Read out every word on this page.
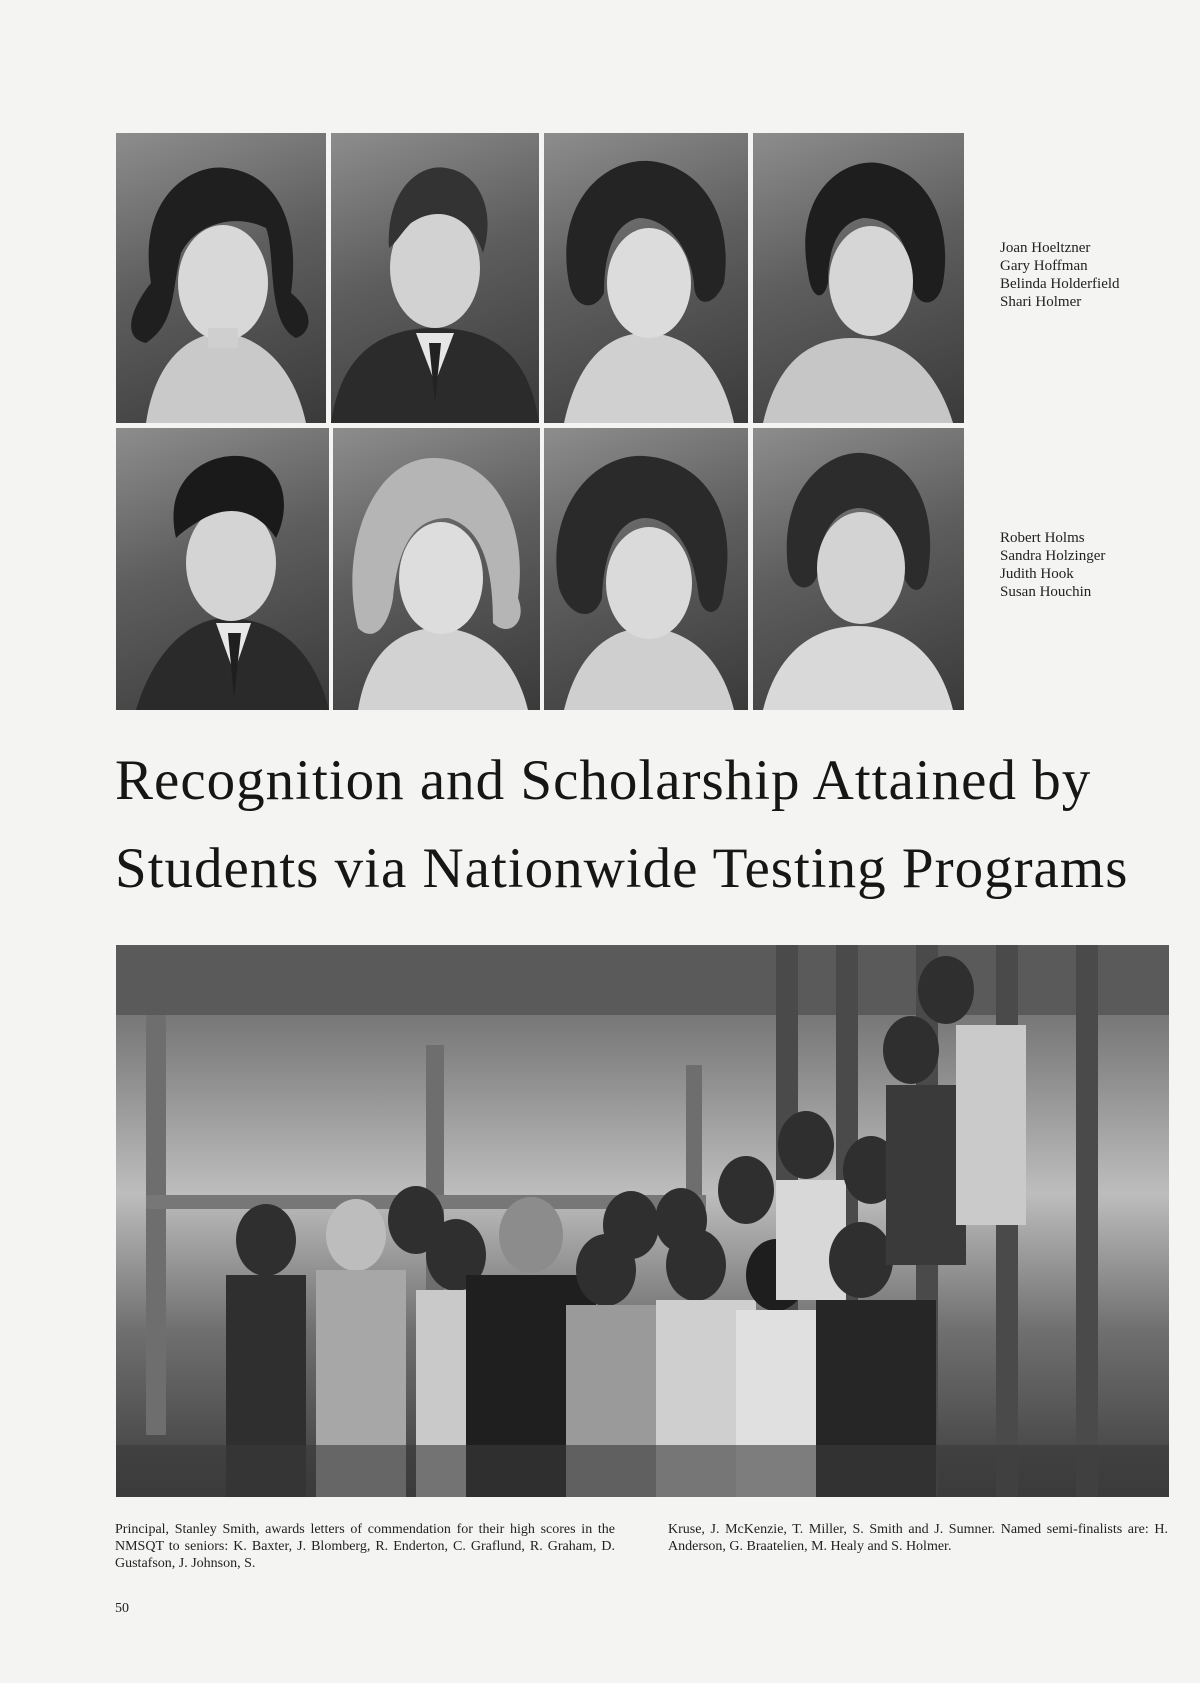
Joan Hoeltzner
Gary Hoffman
Belinda Holderfield
Shari Holmer
Robert Holms
Sandra Holzinger
Judith Hook
Susan Houchin
Recognition and Scholarship Attained by
Students via Nationwide Testing Programs
Principal, Stanley Smith, awards letters of commendation for their high scores in the NMSQT to seniors: K. Baxter, J. Blomberg, R. Enderton, C. Graflund, R. Graham, D. Gustafson, J. Johnson, S.
Kruse, J. McKenzie, T. Miller, S. Smith and J. Sumner. Named semi-finalists are: H. Anderson, G. Braatelien, M. Healy and S. Holmer.
50
